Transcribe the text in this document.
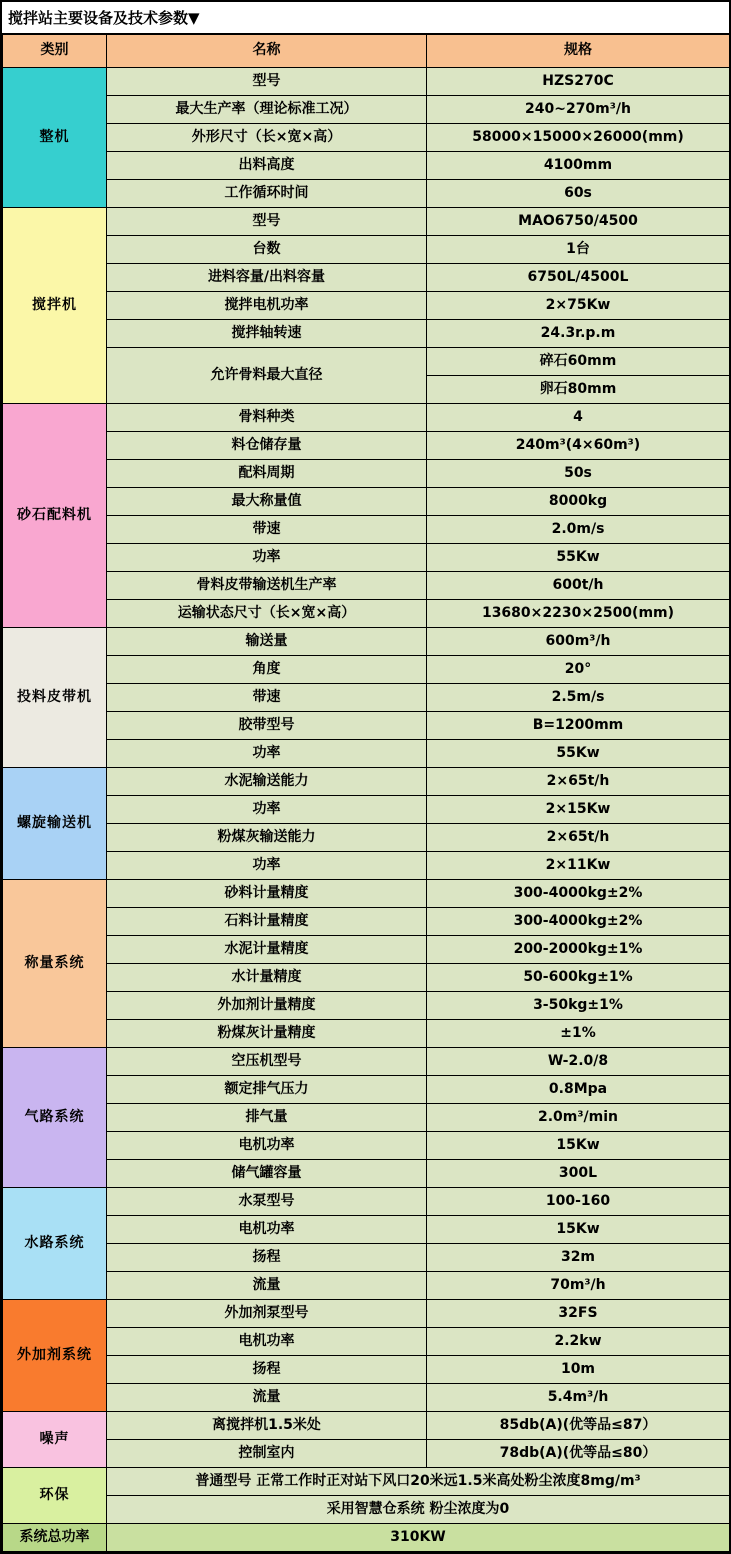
搅拌站主要设备及技术参数▼
类别	名称	规格
整机	型号	HZS270C
	最大生产率（理论标准工况）	240~270m³/h
	外形尺寸（长×宽×高）	58000×15000×26000(mm)
	出料高度	4100mm
	工作循环时间	60s
搅拌机	型号	MAO6750/4500
	台数	1台
	进料容量/出料容量	6750L/4500L
	搅拌电机功率	2×75Kw
	搅拌轴转速	24.3r.p.m
	允许骨料最大直径	碎石60mm
		卵石80mm
砂石配料机	骨料种类	4
	料仓储存量	240m³(4×60m³)
	配料周期	50s
	最大称量值	8000kg
	带速	2.0m/s
	功率	55Kw
	骨料皮带输送机生产率	600t/h
	运输状态尺寸（长×宽×高）	13680×2230×2500(mm)
投料皮带机	输送量	600m³/h
	角度	20°
	带速	2.5m/s
	胶带型号	B=1200mm
	功率	55Kw
螺旋输送机	水泥输送能力	2×65t/h
	功率	2×15Kw
	粉煤灰输送能力	2×65t/h
	功率	2×11Kw
称量系统	砂料计量精度	300-4000kg±2%
	石料计量精度	300-4000kg±2%
	水泥计量精度	200-2000kg±1%
	水计量精度	50-600kg±1%
	外加剂计量精度	3-50kg±1%
	粉煤灰计量精度	±1%
气路系统	空压机型号	W-2.0/8
	额定排气压力	0.8Mpa
	排气量	2.0m³/min
	电机功率	15Kw
	储气罐容量	300L
水路系统	水泵型号	100-160
	电机功率	15Kw
	扬程	32m
	流量	70m³/h
外加剂系统	外加剂泵型号	32FS
	电机功率	2.2kw
	扬程	10m
	流量	5.4m³/h
噪声	离搅拌机1.5米处	85db(A)(优等品≤87）
	控制室内	78db(A)(优等品≤80）
环保	普通型号 正常工作时正对站下风口20米远1.5米高处粉尘浓度8mg/m³	
	采用智慧仓系统 粉尘浓度为0	
系统总功率	310KW	
